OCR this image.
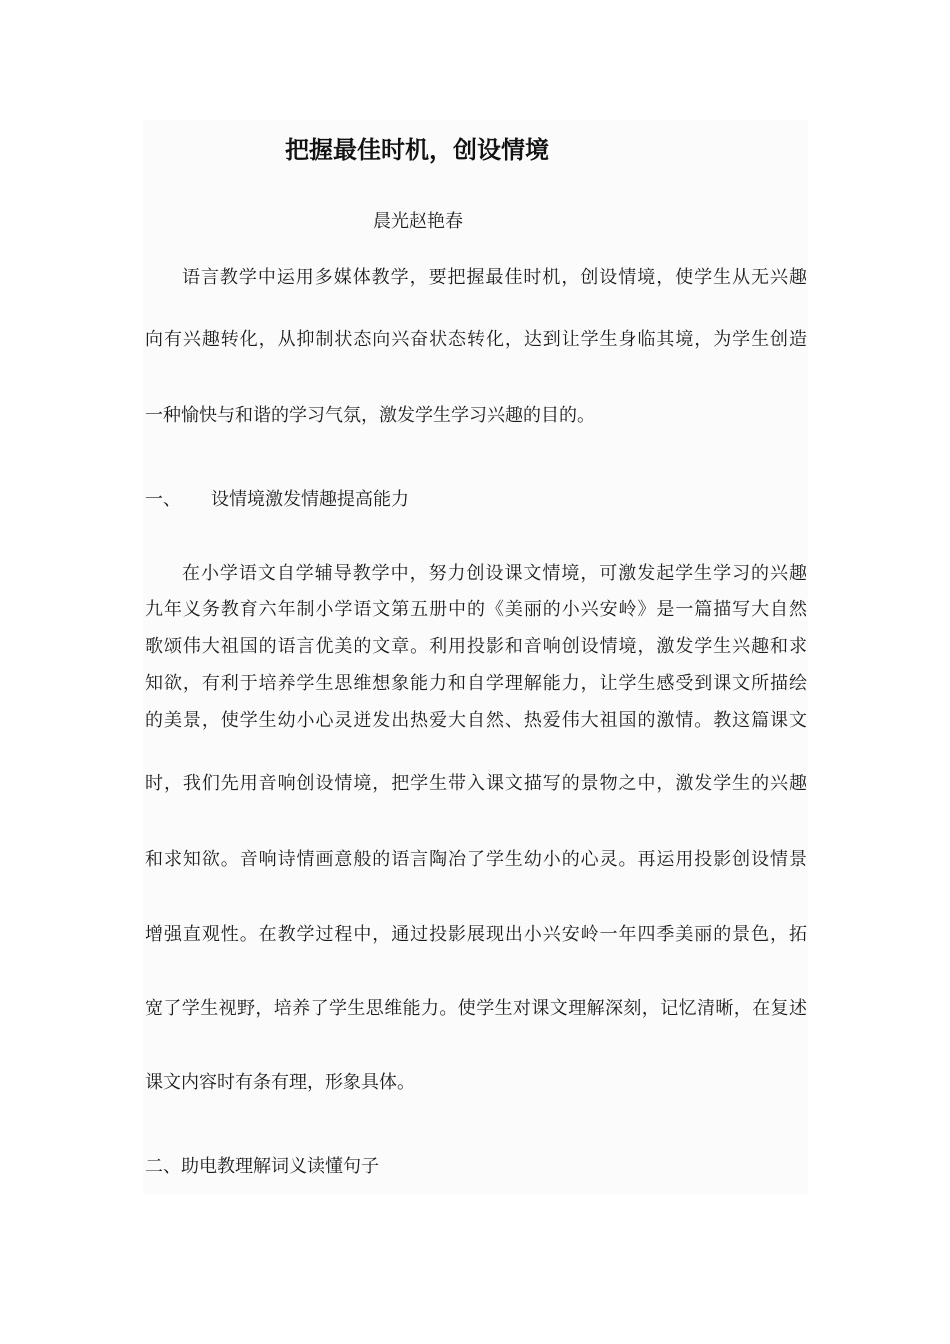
把握最佳时机，创设情境
晨光赵艳春
语言教学中运用多媒体教学，要把握最佳时机，创设情境，使学生从无兴趣
向有兴趣转化，从抑制状态向兴奋状态转化，达到让学生身临其境，为学生创造
一种愉快与和谐的学习气氛，激发学生学习兴趣的目的。
一、 设情境激发情趣提高能力
在小学语文自学辅导教学中，努力创设课文情境，可激发起学生学习的兴趣
九年义务教育六年制小学语文第五册中的《美丽的小兴安岭》是一篇描写大自然
歌颂伟大祖国的语言优美的文章。利用投影和音响创设情境，激发学生兴趣和求
知欲，有利于培养学生思维想象能力和自学理解能力，让学生感受到课文所描绘
的美景，使学生幼小心灵迸发出热爱大自然、热爱伟大祖国的激情。教这篇课文
时，我们先用音响创设情境，把学生带入课文描写的景物之中，激发学生的兴趣
和求知欲。音响诗情画意般的语言陶冶了学生幼小的心灵。再运用投影创设情景
增强直观性。在教学过程中，通过投影展现出小兴安岭一年四季美丽的景色，拓
宽了学生视野，培养了学生思维能力。使学生对课文理解深刻，记忆清晰，在复述
课文内容时有条有理，形象具体。
二、助电教理解词义读懂句子
